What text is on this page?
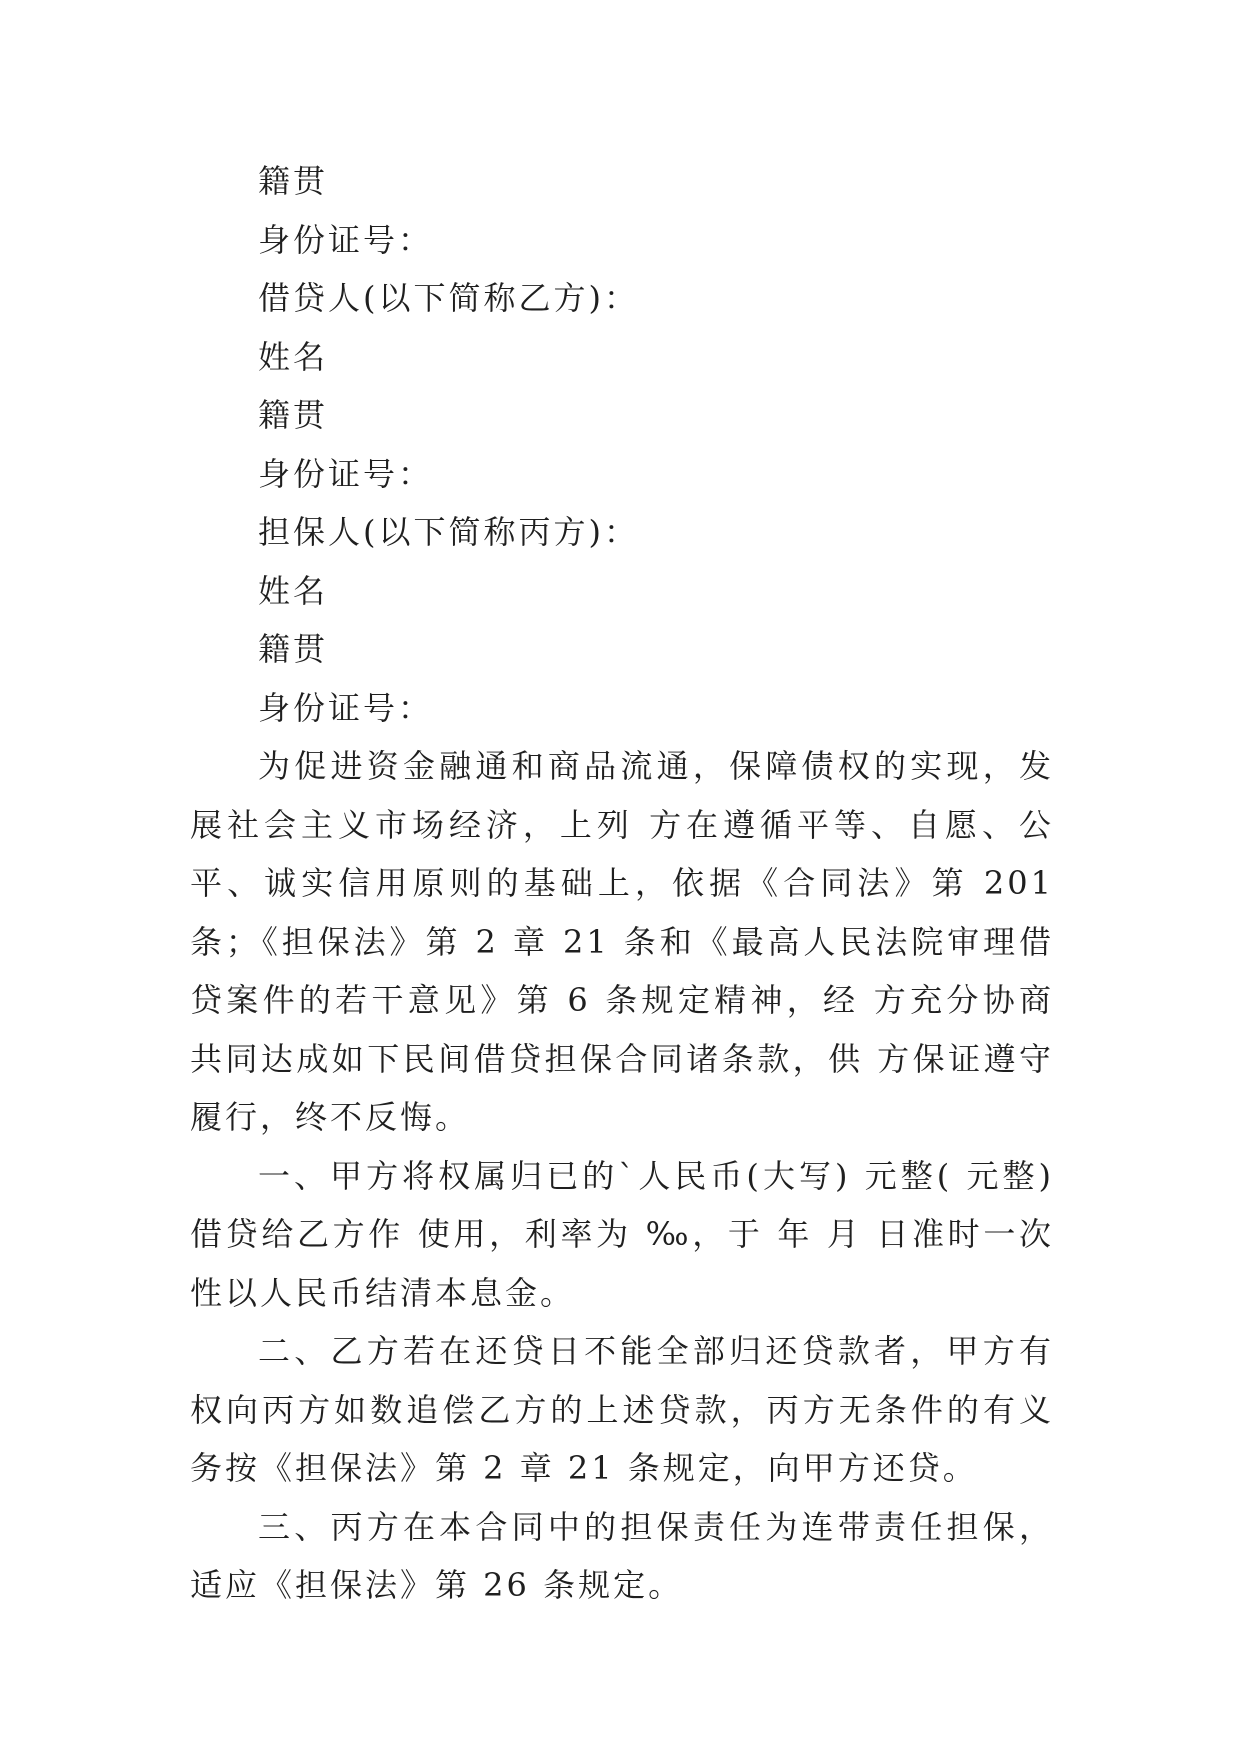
籍贯

身份证号：

借贷人(以下简称乙方)：

姓名

籍贯

身份证号：

担保人(以下简称丙方)：

姓名

籍贯

身份证号：

为促进资金融通和商品流通，保障债权的实现，发展社会主义市场经济，上列 方在遵循平等、自愿、公平、诚实信用原则的基础上，依据《合同法》第 201 条；《担保法》第 2 章 21 条和《最高人民法院审理借贷案件的若干意见》第 6 条规定精神，经 方充分协商共同达成如下民间借贷担保合同诸条款，供 方保证遵守履行，终不反悔。

一、甲方将权属归已的`人民币(大写) 元整( 元整)借贷给乙方作 使用，利率为 ‰，于 年 月 日准时一次性以人民币结清本息金。

二、乙方若在还贷日不能全部归还贷款者，甲方有权向丙方如数追偿乙方的上述贷款，丙方无条件的有义务按《担保法》第 2 章 21 条规定，向甲方还贷。

三、丙方在本合同中的担保责任为连带责任担保，适应《担保法》第 26 条规定。
